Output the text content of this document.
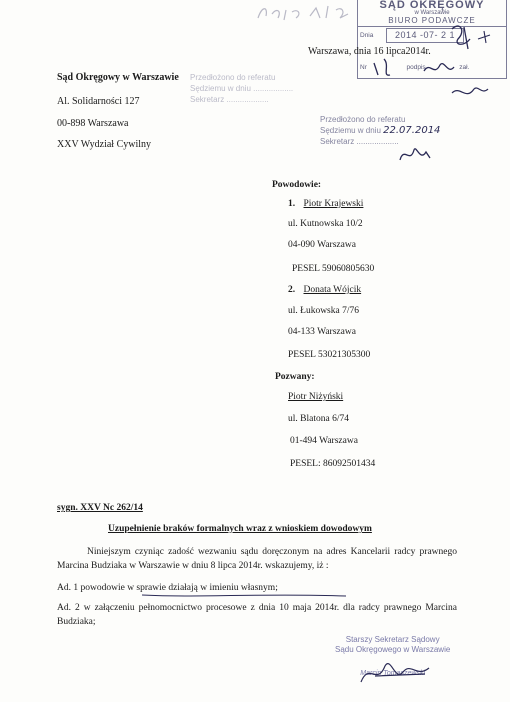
SĄD OKRĘGOWY
w Warszawie
BIURO PODAWCZE
Dnia	2014 -07- 2 1
Nr	podpis	zał.
Warszawa, dnia 16 lipca2014r.
Sąd Okręgowy w Warszawie
Al. Solidarności 127
00-898 Warszawa
XXV Wydział Cywilny
Przedłożono do referatu
Sędziemu w dniu ..................
Sekretarz ...................
Przedłożono do referatu
Sędziemu w dniu 22.07.2014
Sekretarz ...................
Powodowie:
1. Piotr Krajewski
ul. Kutnowska 10/2
04-090 Warszawa
PESEL 59060805630
2. Donata Wójcik
ul. Łukowska 7/76
04-133 Warszawa
PESEL 53021305300
Pozwany:
Piotr Niżyński
ul. Blatona 6/74
01-494 Warszawa
PESEL: 86092501434
sygn. XXV Nc 262/14
Uzupełnienie braków formalnych wraz z wnioskiem dowodowym
Niniejszym czyniąc zadość wezwaniu sądu doręczonym na adres Kancelarii radcy prawnego Marcina Budziaka w Warszawie w dniu 8 lipca 2014r. wskazujemy, iż :
Ad. 1 powodowie w sprawie działają w imieniu własnym;
Ad. 2 w załączeniu pełnomocnictwo procesowe z dnia 10 maja 2014r. dla radcy prawnego Marcina Budziaka;
Starszy Sekretarz Sądowy
Sądu Okręgowego w Warszawie
Marcin Tomaszewski
